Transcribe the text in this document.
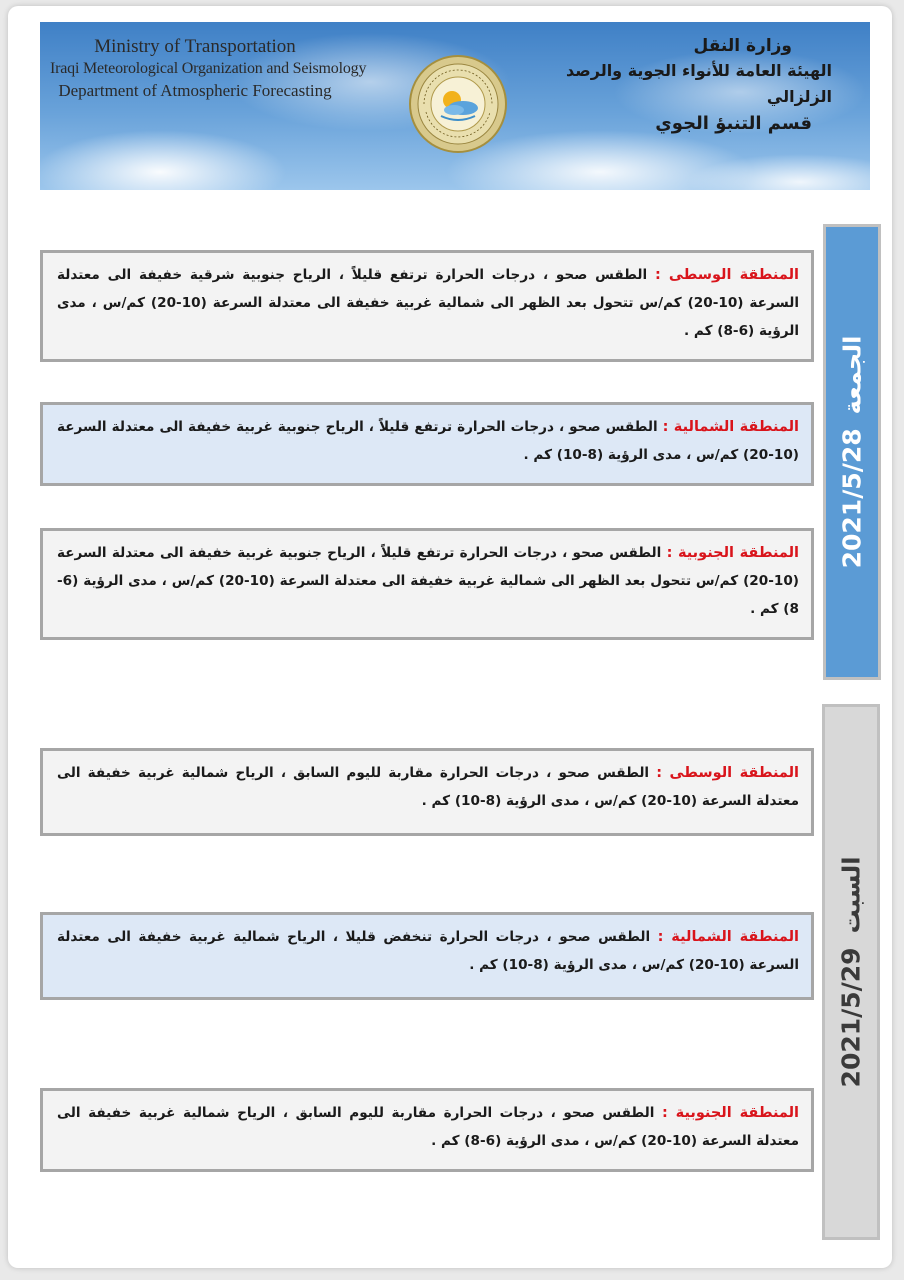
Ministry of Transportation
Iraqi Meteorological Organization and Seismology
Department of Atmospheric Forecasting
وزارة النقل
الهيئة العامة للأنواء الجوية والرصد الزلزالي
قسم التنبؤ الجوي
الجمعة2021/5/28
المنطقة الوسطى : الطقس صحو ، درجات الحرارة ترتفع قليلاً ، الرياح جنوبية شرقية خفيفة الى معتدلة السرعة (10-20) كم/س تتحول بعد الظهر الى شمالية غربية خفيفة الى معتدلة السرعة (10-20) كم/س ، مدى الرؤية (6-8) كم .
المنطقة الشمالية : الطقس صحو ، درجات الحرارة ترتفع قليلاً ، الرياح جنوبية غربية خفيفة الى معتدلة السرعة (10-20) كم/س ، مدى الرؤية (8-10) كم .
المنطقة الجنوبية : الطقس صحو ، درجات الحرارة ترتفع قليلاً ، الرياح جنوبية غربية خفيفة الى معتدلة السرعة (10-20) كم/س تتحول بعد الظهر الى شمالية غربية خفيفة الى معتدلة السرعة (10-20) كم/س ، مدى الرؤية (6-8) كم .
السبت2021/5/29
المنطقة الوسطى : الطقس صحو ، درجات الحرارة مقاربة لليوم السابق ، الرياح شمالية غربية خفيفة الى معتدلة السرعة (10-20) كم/س ، مدى الرؤية (8-10) كم .
المنطقة الشمالية : الطقس صحو ، درجات الحرارة تنخفض قليلا ، الرياح شمالية غربية خفيفة الى معتدلة السرعة (10-20) كم/س ، مدى الرؤية (8-10) كم .
المنطقة الجنوبية : الطقس صحو ، درجات الحرارة مقاربة لليوم السابق ، الرياح شمالية غربية خفيفة الى معتدلة السرعة (10-20) كم/س ، مدى الرؤية (6-8) كم .
